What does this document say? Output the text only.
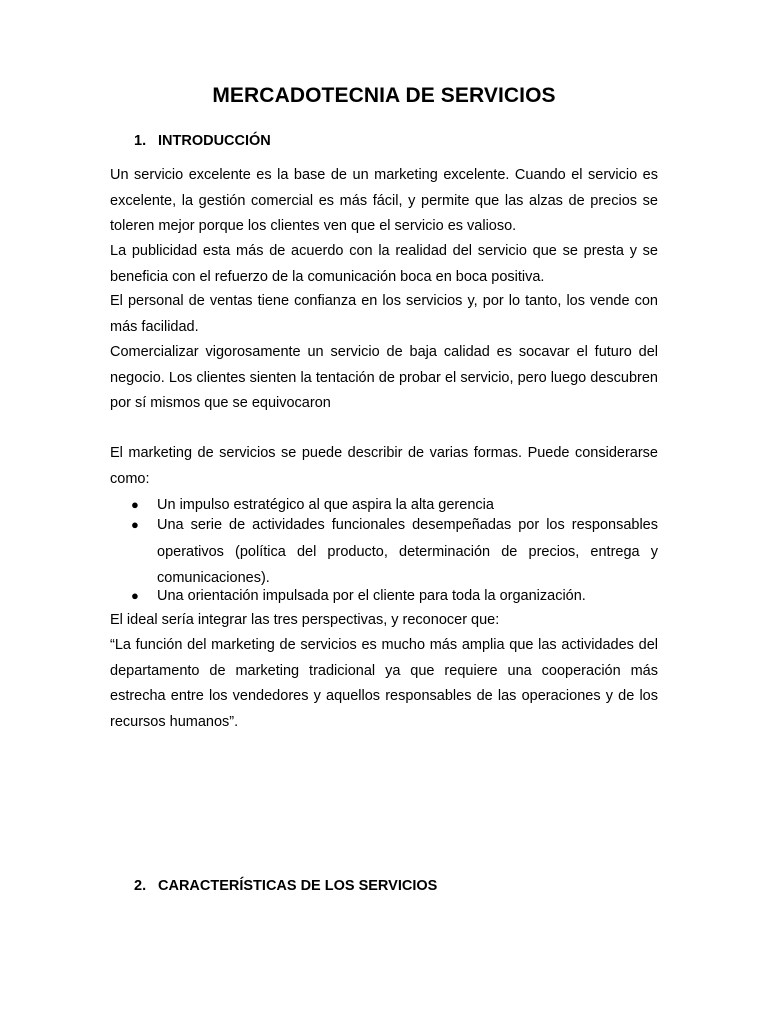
MERCADOTECNIA DE SERVICIOS
1. INTRODUCCIÓN

Un servicio excelente es la base de un marketing excelente. Cuando el servicio es excelente, la gestión comercial es más fácil, y permite que las alzas de precios se toleren mejor porque los clientes ven que el servicio es valioso.

La publicidad esta más de acuerdo con la realidad del servicio que se presta y se beneficia con el refuerzo de la comunicación boca en boca positiva.

El personal de ventas tiene confianza en los servicios y, por lo tanto, los vende con más facilidad.

Comercializar vigorosamente un servicio de baja calidad es socavar el futuro del negocio. Los clientes sienten la tentación de probar el servicio, pero luego descubren por sí mismos que se equivocaron

El marketing de servicios se puede describir de varias formas. Puede considerarse como:

● Un impulso estratégico al que aspira la alta gerencia
● Una serie de actividades funcionales desempeñadas por los responsables operativos (política del producto, determinación de precios, entrega y comunicaciones).
● Una orientación impulsada por el cliente para toda la organización.

El ideal sería integrar las tres perspectivas, y reconocer que:

“La función del marketing de servicios es mucho más amplia que las actividades del departamento de marketing tradicional ya que requiere una cooperación más estrecha entre los vendedores y aquellos responsables de las operaciones y de los recursos humanos”.

2. CARACTERÍSTICAS DE LOS SERVICIOS
